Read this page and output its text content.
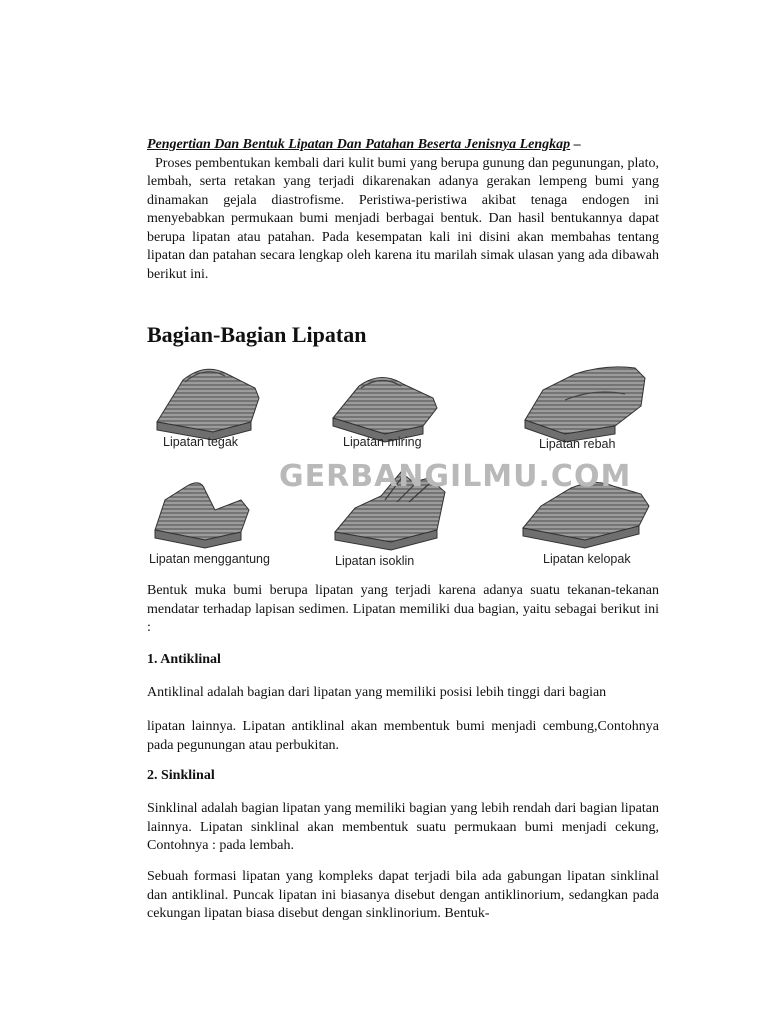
Pengertian Dan Bentuk Lipatan Dan Patahan Beserta Jenisnya Lengkap –
Proses pembentukan kembali dari kulit bumi yang berupa gunung dan pegunungan, plato, lembah, serta retakan yang terjadi dikarenakan adanya gerakan lempeng bumi yang dinamakan gejala diastrofisme. Peristiwa-peristiwa akibat tenaga endogen ini menyebabkan permukaan bumi menjadi berbagai bentuk. Dan hasil bentukannya dapat berupa lipatan atau patahan. Pada kesempatan kali ini disini akan membahas tentang lipatan dan patahan secara lengkap oleh karena itu marilah simak ulasan yang ada dibawah berikut ini.

Bagian-Bagian Lipatan
Lipatan tegak	Lipatan miring	Lipatan rebah
Lipatan menggantung	Lipatan isoklin	Lipatan kelopak
GERBANGILMU.COM

Bentuk muka bumi berupa lipatan yang terjadi karena adanya suatu tekanan-tekanan mendatar terhadap lapisan sedimen. Lipatan memiliki dua bagian, yaitu sebagai berikut ini :

1. Antiklinal

Antiklinal adalah bagian dari lipatan yang memiliki posisi lebih tinggi dari bagian

lipatan lainnya. Lipatan antiklinal akan membentuk bumi menjadi cembung,Contohnya pada pegunungan atau perbukitan.

2. Sinklinal

Sinklinal adalah bagian lipatan yang memiliki bagian yang lebih rendah dari bagian lipatan lainnya. Lipatan sinklinal akan membentuk suatu permukaan bumi menjadi cekung, Contohnya : pada lembah.

Sebuah formasi lipatan yang kompleks dapat terjadi bila ada gabungan lipatan sinklinal dan antiklinal. Puncak lipatan ini biasanya disebut dengan antiklinorium, sedangkan pada cekungan lipatan biasa disebut dengan sinklinorium. Bentuk-
